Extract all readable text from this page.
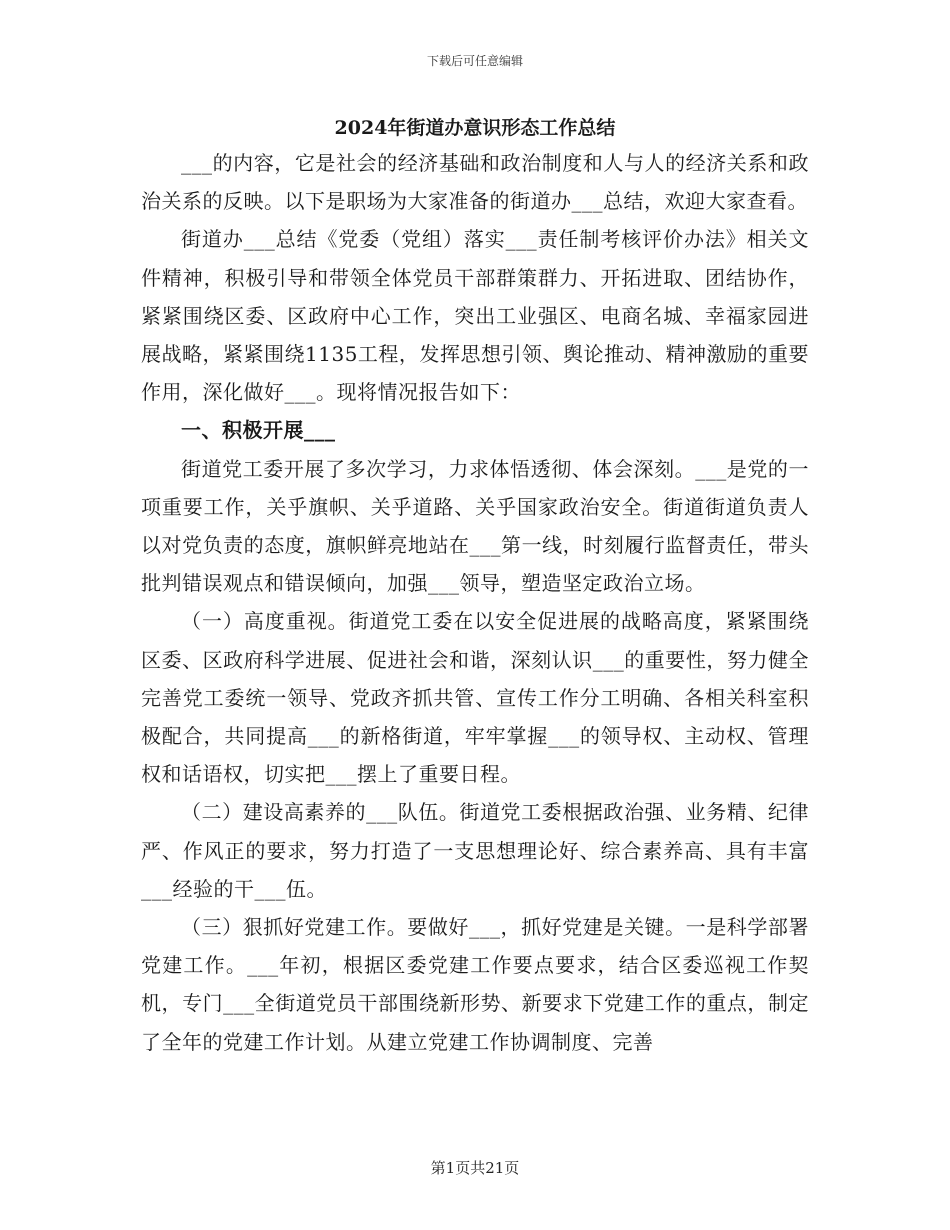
下载后可任意编辑
2024年街道办意识形态工作总结

___的内容，它是社会的经济基础和政治制度和人与人的经济关系和政治关系的反映。以下是职场为大家准备的街道办___总结，欢迎大家查看。

街道办___总结《党委（党组）落实___责任制考核评价办法》相关文件精神，积极引导和带领全体党员干部群策群力、开拓进取、团结协作，紧紧围绕区委、区政府中心工作，突出工业强区、电商名城、幸福家园进展战略，紧紧围绕1135工程，发挥思想引领、舆论推动、精神激励的重要作用，深化做好___。现将情况报告如下：

一、积极开展___

街道党工委开展了多次学习，力求体悟透彻、体会深刻。___是党的一项重要工作，关乎旗帜、关乎道路、关乎国家政治安全。街道街道负责人以对党负责的态度，旗帜鲜亮地站在___第一线，时刻履行监督责任，带头批判错误观点和错误倾向，加强___领导，塑造坚定政治立场。

（一）高度重视。街道党工委在以安全促进展的战略高度，紧紧围绕区委、区政府科学进展、促进社会和谐，深刻认识___的重要性，努力健全完善党工委统一领导、党政齐抓共管、宣传工作分工明确、各相关科室积极配合，共同提高___的新格街道，牢牢掌握___的领导权、主动权、管理权和话语权，切实把___摆上了重要日程。

（二）建设高素养的___队伍。街道党工委根据政治强、业务精、纪律严、作风正的要求，努力打造了一支思想理论好、综合素养高、具有丰富___经验的干___伍。

（三）狠抓好党建工作。要做好___，抓好党建是关键。一是科学部署党建工作。___年初，根据区委党建工作要点要求，结合区委巡视工作契机，专门___全街道党员干部围绕新形势、新要求下党建工作的重点，制定了全年的党建工作计划。从建立党建工作协调制度、完善

第1页共21页
